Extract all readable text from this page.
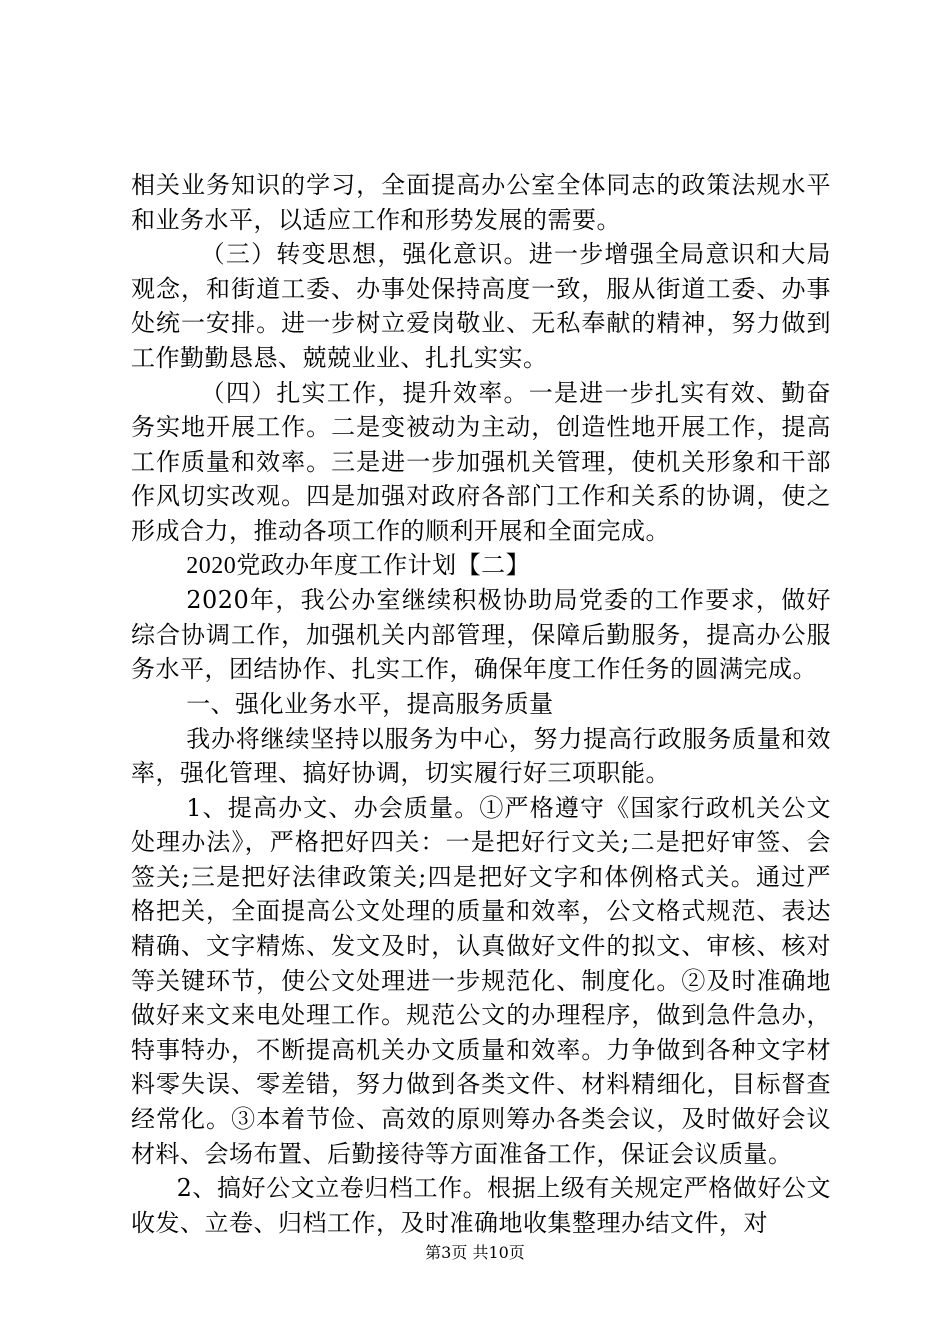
相关业务知识的学习，全面提高办公室全体同志的政策法规水平和业务水平，以适应工作和形势发展的需要。

（三）转变思想，强化意识。进一步增强全局意识和大局观念，和街道工委、办事处保持高度一致，服从街道工委、办事处统一安排。进一步树立爱岗敬业、无私奉献的精神，努力做到工作勤勤恳恳、兢兢业业、扎扎实实。

（四）扎实工作，提升效率。一是进一步扎实有效、勤奋务实地开展工作。二是变被动为主动，创造性地开展工作，提高工作质量和效率。三是进一步加强机关管理，使机关形象和干部作风切实改观。四是加强对政府各部门工作和关系的协调，使之形成合力，推动各项工作的顺利开展和全面完成。

2020党政办年度工作计划【二】

2020年，我公办室继续积极协助局党委的工作要求，做好综合协调工作，加强机关内部管理，保障后勤服务，提高办公服务水平，团结协作、扎实工作，确保年度工作任务的圆满完成。

一、强化业务水平，提高服务质量

我办将继续坚持以服务为中心，努力提高行政服务质量和效率，强化管理、搞好协调，切实履行好三项职能。

1、提高办文、办会质量。①严格遵守《国家行政机关公文处理办法》，严格把好四关：一是把好行文关;二是把好审签、会签关;三是把好法律政策关;四是把好文字和体例格式关。通过严格把关，全面提高公文处理的质量和效率，公文格式规范、表达精确、文字精炼、发文及时，认真做好文件的拟文、审核、核对等关键环节，使公文处理进一步规范化、制度化。②及时准确地做好来文来电处理工作。规范公文的办理程序，做到急件急办，特事特办，不断提高机关办文质量和效率。力争做到各种文字材料零失误、零差错，努力做到各类文件、材料精细化，目标督查经常化。③本着节俭、高效的原则筹办各类会议，及时做好会议材料、会场布置、后勤接待等方面准备工作，保证会议质量。

2、搞好公文立卷归档工作。根据上级有关规定严格做好公文收发、立卷、归档工作，及时准确地收集整理办结文件，对

第3页 共10页
